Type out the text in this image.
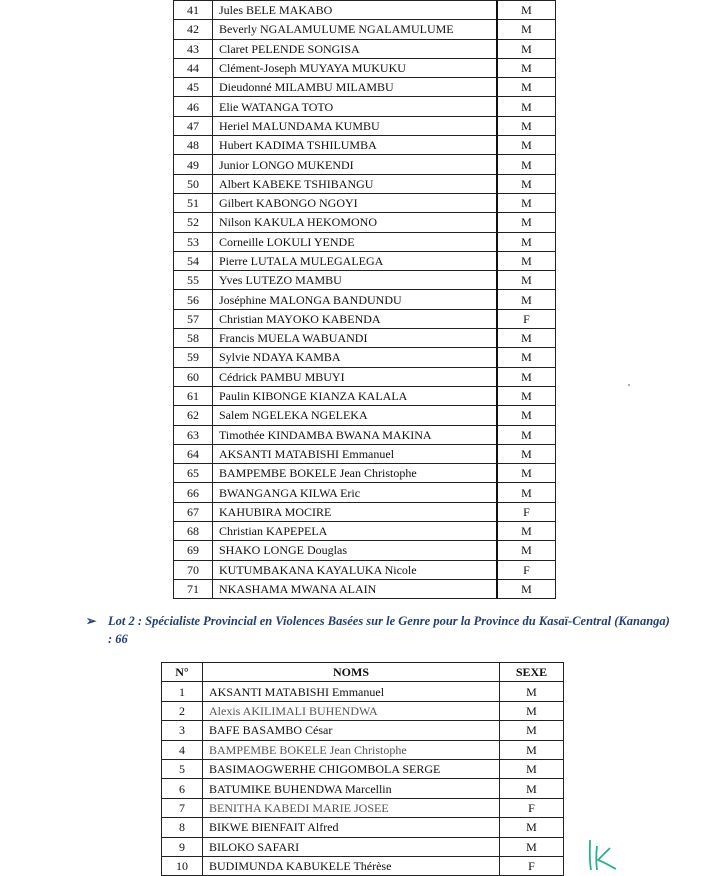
41	Jules BELE MAKABO	M
42	Beverly NGALAMULUME NGALAMULUME	M
43	Claret PELENDE SONGISA	M
44	Clément-Joseph MUYAYA MUKUKU	M
45	Dieudonné MILAMBU MILAMBU	M
46	Elie WATANGA TOTO	M
47	Heriel MALUNDAMA KUMBU	M
48	Hubert KADIMA TSHILUMBA	M
49	Junior LONGO MUKENDI	M
50	Albert KABEKE TSHIBANGU	M
51	Gilbert KABONGO NGOYI	M
52	Nilson KAKULA HEKOMONO	M
53	Corneille LOKULI YENDE	M
54	Pierre LUTALA MULEGALEGA	M
55	Yves LUTEZO MAMBU	M
56	Joséphine MALONGA BANDUNDU	M
57	Christian MAYOKO KABENDA	F
58	Francis MUELA WABUANDI	M
59	Sylvie NDAYA KAMBA	M
60	Cédrick PAMBU MBUYI	M
61	Paulin KIBONGE KIANZA KALALA	M
62	Salem NGELEKA NGELEKA	M
63	Timothée KINDAMBA BWANA MAKINA	M
64	AKSANTI MATABISHI Emmanuel	M
65	BAMPEMBE BOKELE Jean Christophe	M
66	BWANGANGA KILWA Eric	M
67	KAHUBIRA MOCIRE	F
68	Christian KAPEPELA	M
69	SHAKO LONGE Douglas	M
70	KUTUMBAKANA KAYALUKA Nicole	F
71	NKASHAMA MWANA ALAIN	M
➢ Lot 2 : Spécialiste Provincial en Violences Basées sur le Genre pour la Province du Kasaï-Central (Kananga) : 66
N°	NOMS	SEXE
1	AKSANTI MATABISHI Emmanuel	M
2	Alexis AKILIMALI BUHENDWA	M
3	BAFE BASAMBO César	M
4	BAMPEMBE BOKELE Jean Christophe	M
5	BASIMAOGWERHE CHIGOMBOLA SERGE	M
6	BATUMIKE BUHENDWA Marcellin	M
7	BENITHA KABEDI MARIE JOSEE	F
8	BIKWE BIENFAIT Alfred	M
9	BILOKO SAFARI	M
10	BUDIMUNDA KABUKELE Thérèse	F
